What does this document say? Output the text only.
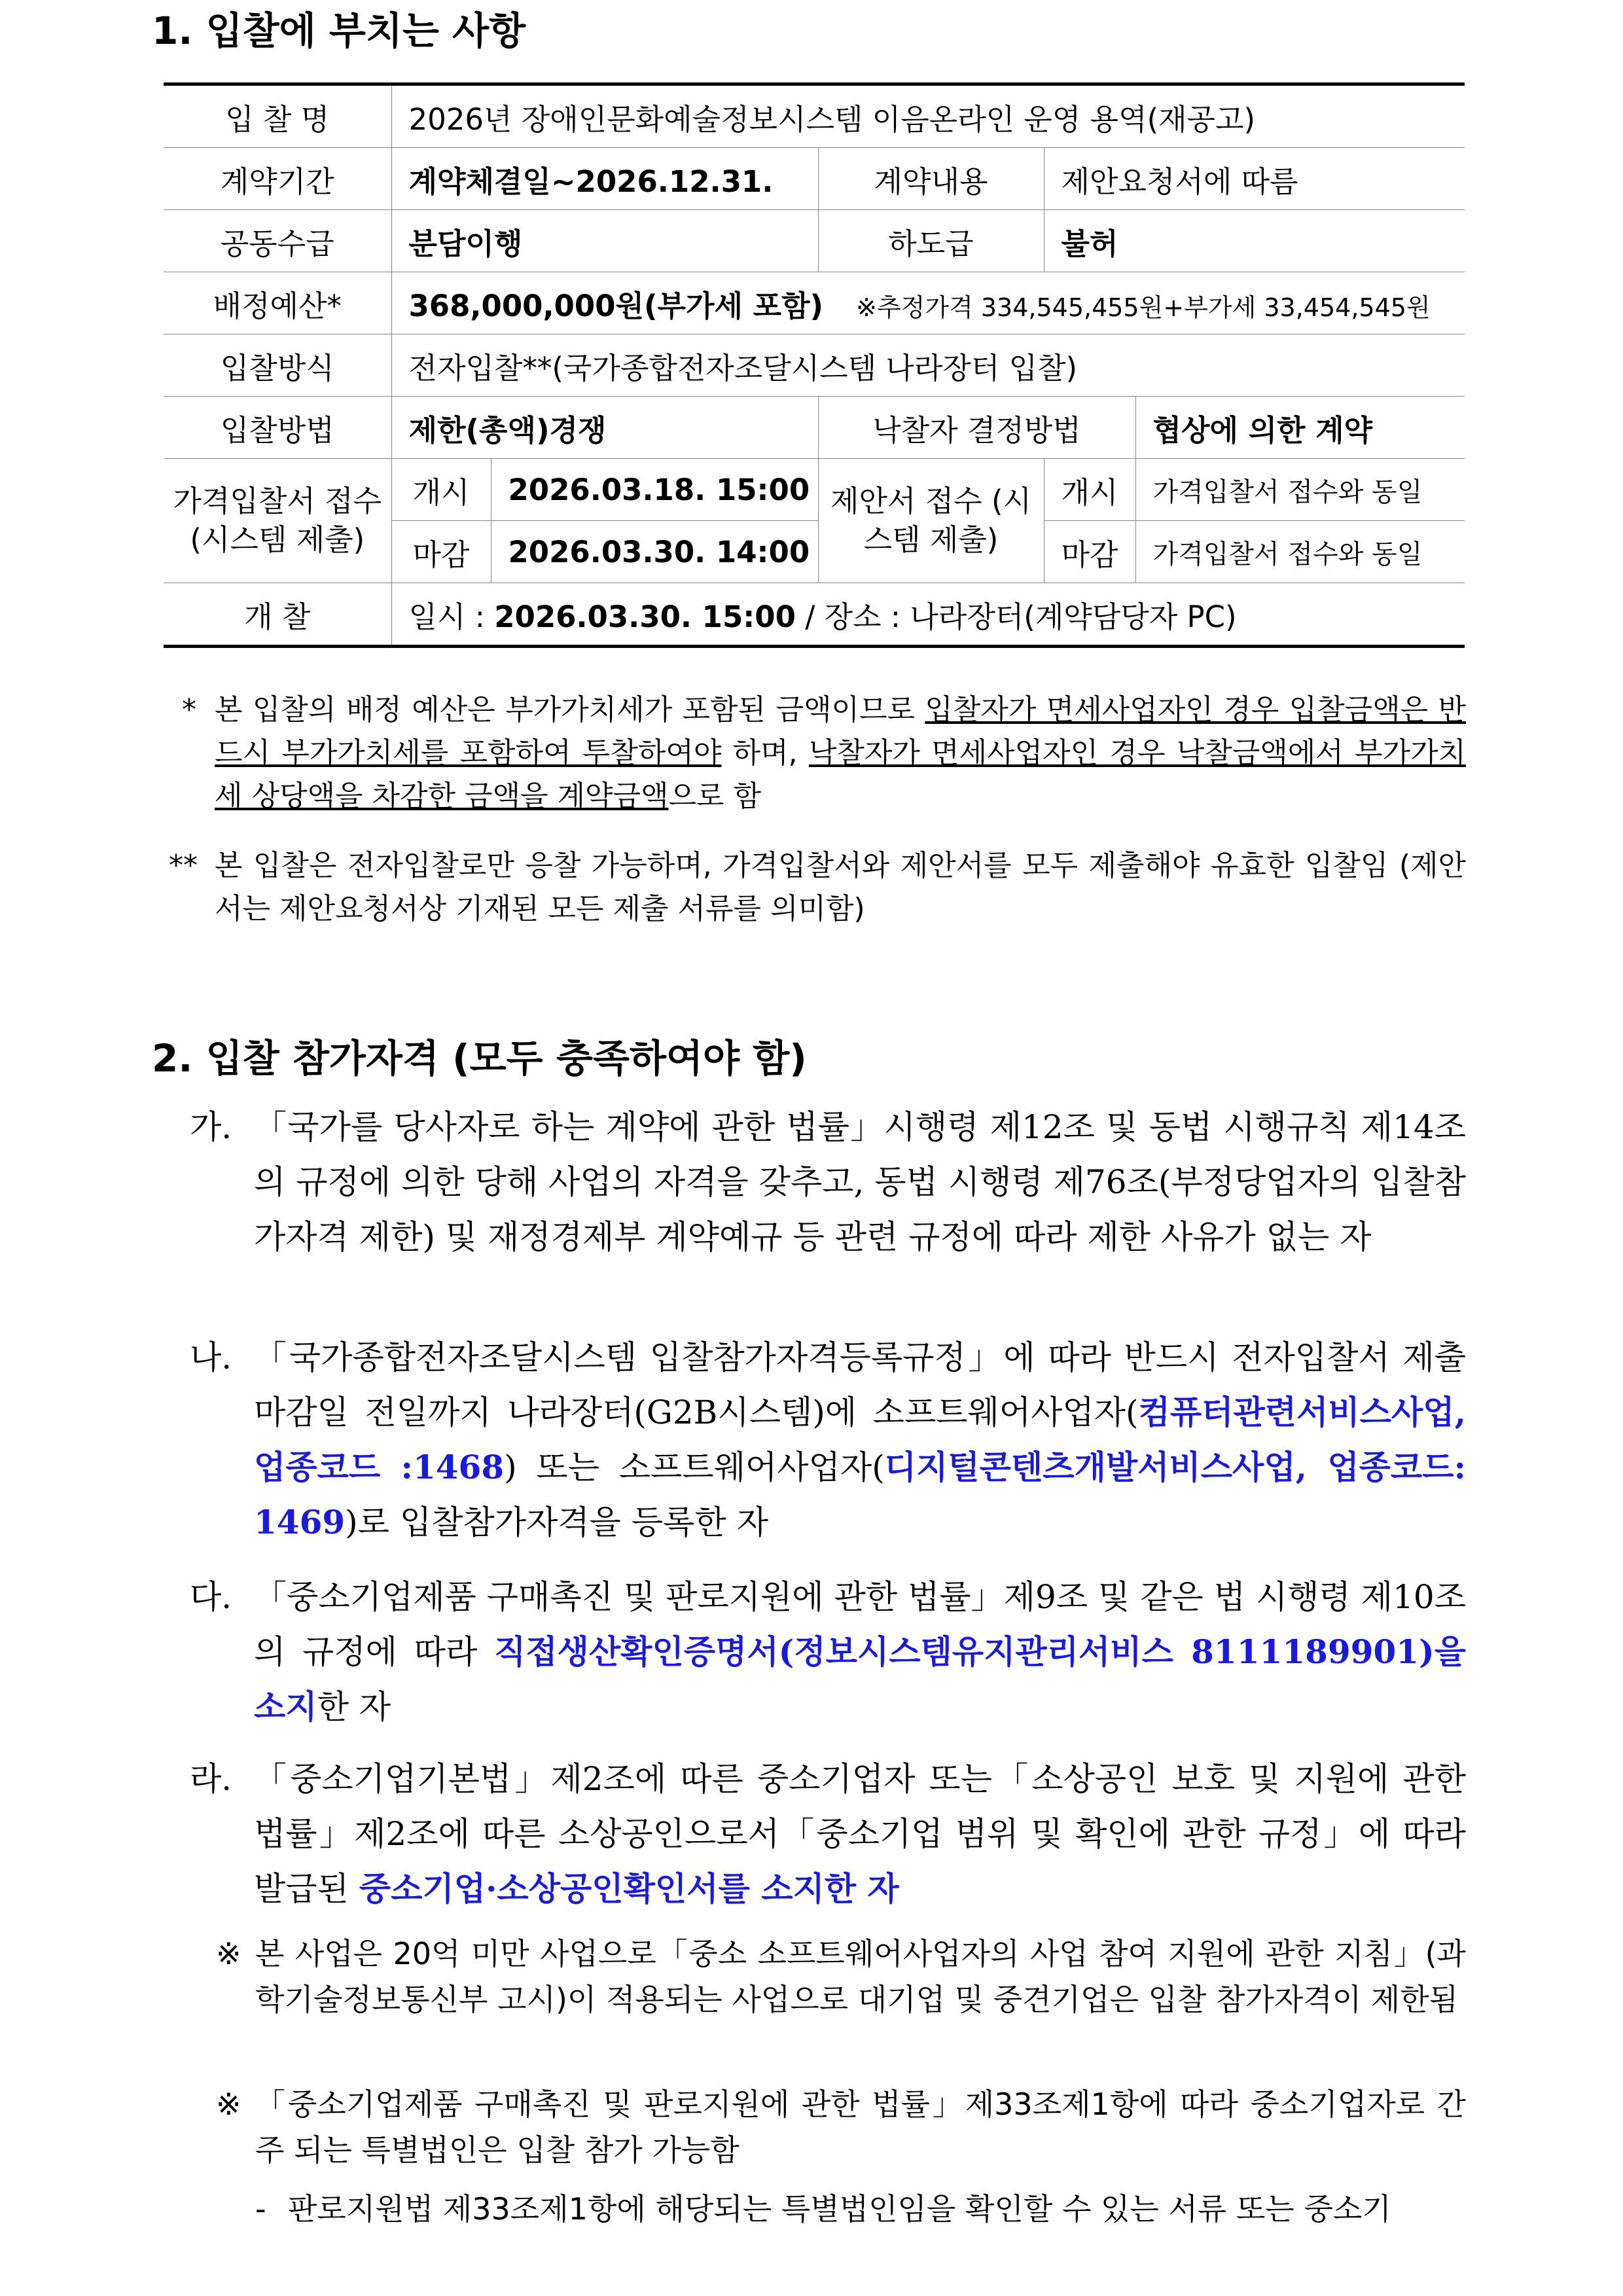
1. 입찰에 부치는 사항
입 찰 명	2026년 장애인문화예술정보시스템 이음온라인 운영 용역(재공고)				
계약기간	계약체결일~2026.12.31.		계약내용	제안요청서에 따름	
공동수급	분담이행		하도급	불허	
배정예산*	368,000,000원(부가세 포함) ※추정가격 334,545,455원+부가세 33,454,545원				
입찰방식	전자입찰**(국가종합전자조달시스템 나라장터 입찰)				
입찰방법	제한(총액)경쟁		낙찰자 결정방법		협상에 의한 계약
가격입찰서 접수 (시스템 제출)	개시	2026.03.18. 15:00	제안서 접수 (시스템 제출)	개시	가격입찰서 접수와 동일
	마감	2026.03.30. 14:00		마감	가격입찰서 접수와 동일
개 찰	일시 : 2026.03.30. 15:00 / 장소 : 나라장터(계약담당자 PC)				
* 본 입찰의 배정 예산은 부가가치세가 포함된 금액이므로 입찰자가 면세사업자인 경우 입찰금액은 반드시 부가가치세를 포함하여 투찰하여야 하며, 낙찰자가 면세사업자인 경우 낙찰금액에서 부가가치세 상당액을 차감한 금액을 계약금액으로 함
** 본 입찰은 전자입찰로만 응찰 가능하며, 가격입찰서와 제안서를 모두 제출해야 유효한 입찰임 (제안서는 제안요청서상 기재된 모든 제출 서류를 의미함)
2. 입찰 참가자격 (모두 충족하여야 함)
가. 「국가를 당사자로 하는 계약에 관한 법률」시행령 제12조 및 동법 시행규칙 제14조의 규정에 의한 당해 사업의 자격을 갖추고, 동법 시행령 제76조(부정당업자의 입찰참가자격 제한) 및 재정경제부 계약예규 등 관련 규정에 따라 제한 사유가 없는 자
나. 「국가종합전자조달시스템 입찰참가자격등록규정」에 따라 반드시 전자입찰서 제출 마감일 전일까지 나라장터(G2B시스템)에 소프트웨어사업자(컴퓨터관련서비스사업, 업종코드 :1468) 또는 소프트웨어사업자(디지털콘텐츠개발서비스사업, 업종코드: 1469)로 입찰참가자격을 등록한 자
다. 「중소기업제품 구매촉진 및 판로지원에 관한 법률」제9조 및 같은 법 시행령 제10조의 규정에 따라 직접생산확인증명서(정보시스템유지관리서비스 8111189901)을 소지한 자
라. 「중소기업기본법」제2조에 따른 중소기업자 또는「소상공인 보호 및 지원에 관한 법률」제2조에 따른 소상공인으로서「중소기업 범위 및 확인에 관한 규정」에 따라 발급된 중소기업·소상공인확인서를 소지한 자
※ 본 사업은 20억 미만 사업으로「중소 소프트웨어사업자의 사업 참여 지원에 관한 지침」(과학기술정보통신부 고시)이 적용되는 사업으로 대기업 및 중견기업은 입찰 참가자격이 제한됨
※ 「중소기업제품 구매촉진 및 판로지원에 관한 법률」제33조제1항에 따라 중소기업자로 간주 되는 특별법인은 입찰 참가 가능함
- 판로지원법 제33조제1항에 해당되는 특별법인임을 확인할 수 있는 서류 또는 중소기
